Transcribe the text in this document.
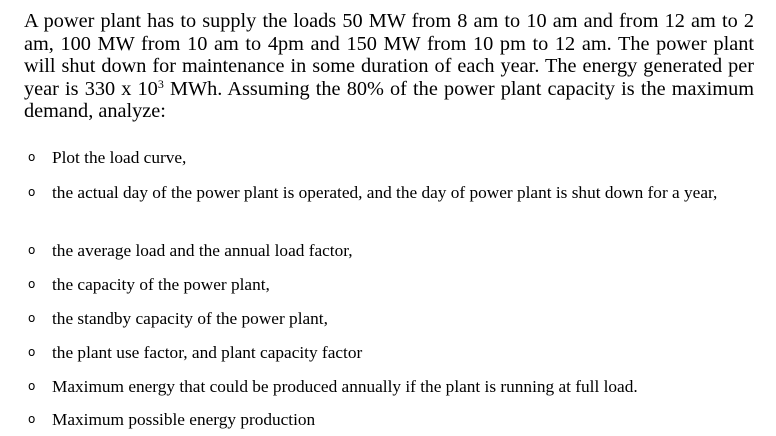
A power plant has to supply the loads 50 MW from 8 am to 10 am and from 12 am to 2 am, 100 MW from 10 am to 4pm and 150 MW from 10 pm to 12 am. The power plant will shut down for maintenance in some duration of each year. The energy generated per year is 330 x $10^3$ MWh. Assuming the 80% of the power plant capacity is the maximum demand, analyze:

o Plot the load curve,
o the actual day of the power plant is operated, and the day of power plant is shut down for a year,
o the average load and the annual load factor,
o the capacity of the power plant,
o the standby capacity of the power plant,
o the plant use factor, and plant capacity factor
o Maximum energy that could be produced annually if the plant is running at full load.
o Maximum possible energy production
